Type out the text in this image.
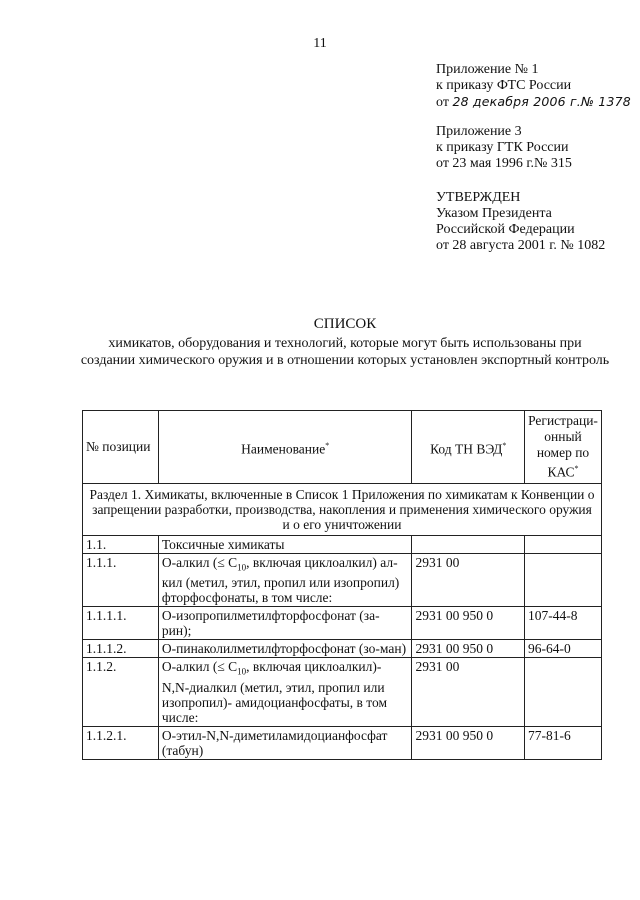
11
Приложение № 1
к приказу ФТС России
от 28 декабря 2006 г.№ 1378
Приложение 3
к приказу ГТК России
от 23 мая 1996 г.№ 315
УТВЕРЖДЕН
Указом Президента
Российской Федерации
от 28 августа 2001 г. № 1082
СПИСОК
химикатов, оборудования и технологий, которые могут быть использованы при
создании химического оружия и в отношении которых установлен экспортный контроль
№ позиции	Наименование*	Код ТН ВЭД*	Регистраци-
онный
номер по
КАС*

Раздел 1. Химикаты, включенные в Список 1 Приложения по химикатам к Конвенции о запрещении разработки, производства, накопления и применения химического оружия и о его уничтожении			
1.1.	Токсичные химикаты		
1.1.1.	О-алкил (≤ $C_{10}$, включая циклоалкил) ал-кил (метил, этил, пропил или изопропил) фторфосфонаты, в том числе:	2931 00	
1.1.1.1.	О-изопропилметилфторфосфонат (за-рин);	2931 00 950 0	107-44-8
1.1.1.2.	О-пинаколилметилфторфосфонат (зо-ман)	2931 00 950 0	96-64-0
1.1.2.	О-алкил (≤ $C_{10}$, включая циклоалкил)-N,N-диалкил (метил, этил, пропил или изопропил)- амидоцианфосфаты, в том числе:	2931 00	
1.1.2.1.	О-этил-N,N-диметиламидоцианфосфат (табун)	2931 00 950 0	77-81-6
